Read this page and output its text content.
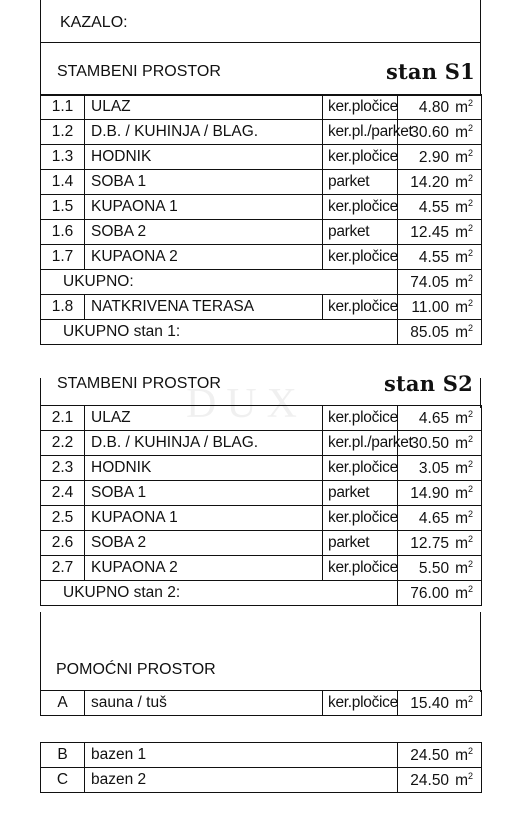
KAZALO:
STAMBENI PROSTOR	stan S1
1.1	ULAZ	ker.pločice	4.80 $m^2$
1.2	D.B. / KUHINJA / BLAG.	ker.pl./parket	30.60 $m^2$
1.3	HODNIK	ker.pločice	2.90 $m^2$
1.4	SOBA 1	parket	14.20 $m^2$
1.5	KUPAONA 1	ker.pločice	4.55 $m^2$
1.6	SOBA 2	parket	12.45 $m^2$
1.7	KUPAONA 2	ker.pločice	4.55 $m^2$
UKUPNO:			74.05 $m^2$
1.8	NATKRIVENA TERASA	ker.pločice	11.00 $m^2$
UKUPNO stan 1:			85.05 $m^2$
STAMBENI PROSTOR	stan S2
DUX
2.1	ULAZ	ker.pločice	4.65 $m^2$
2.2	D.B. / KUHINJA / BLAG.	ker.pl./parket	30.50 $m^2$
2.3	HODNIK	ker.pločice	3.05 $m^2$
2.4	SOBA 1	parket	14.90 $m^2$
2.5	KUPAONA 1	ker.pločice	4.65 $m^2$
2.6	SOBA 2	parket	12.75 $m^2$
2.7	KUPAONA 2	ker.pločice	5.50 $m^2$
UKUPNO stan 2:			76.00 $m^2$
POMOĆNI PROSTOR
A	sauna / tuš	ker.pločice	15.40 $m^2$
B	bazen 1	24.50 $m^2$
C	bazen 2	24.50 $m^2$
